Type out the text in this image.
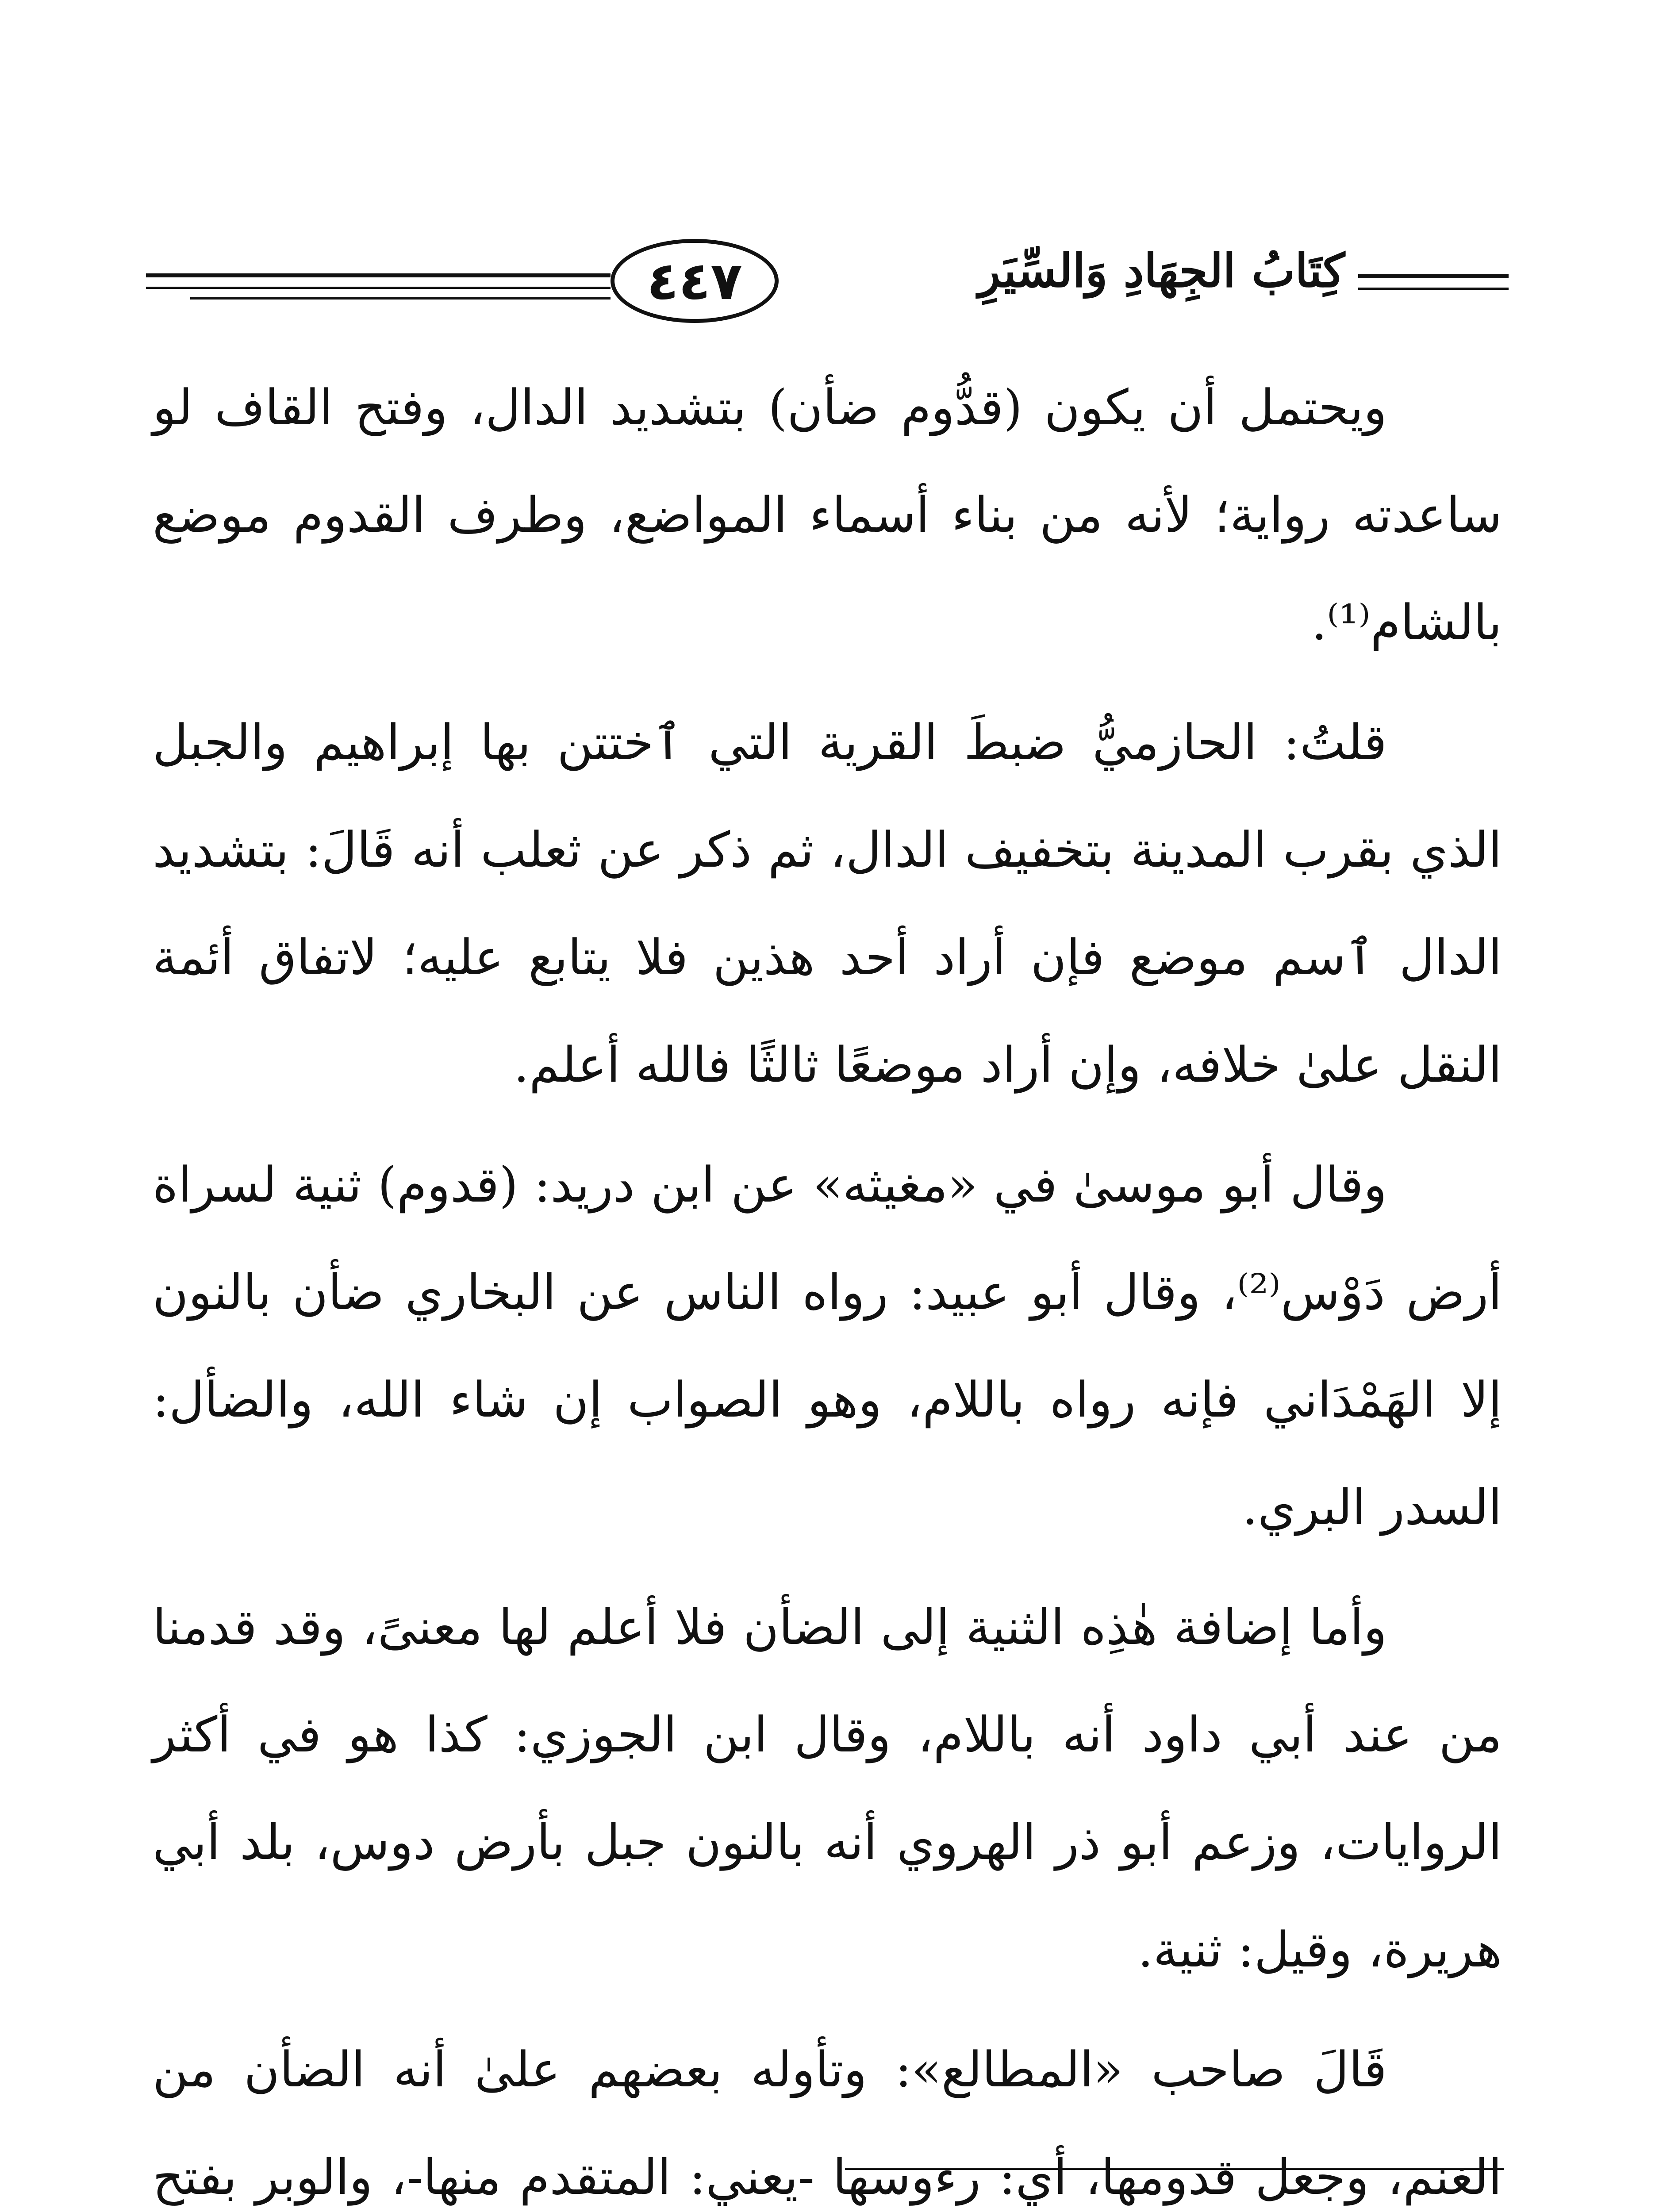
٤٤٧	كِتَابُ الجِهَادِ وَالسِّيَرِ

ويحتمل أن يكون (قدُّوم ضأن) بتشديد الدال، وفتح القاف لو ساعدته رواية؛ لأنه من بناء أسماء المواضع، وطرف القدوم موضع بالشام⁽¹⁾.

قلتُ: الحازميُّ ضبطَ القرية التي ٱختتن بها إبراهيم والجبل الذي بقرب المدينة بتخفيف الدال، ثم ذكر عن ثعلب أنه قَالَ: بتشديد الدال ٱسم موضع فإن أراد أحد هذين فلا يتابع عليه؛ لاتفاق أئمة النقل علىٰ خلافه، وإن أراد موضعًا ثالثًا فالله أعلم.

وقال أبو موسىٰ في «مغيثه» عن ابن دريد: (قدوم) ثنية لسراة أرض دَوْس⁽²⁾، وقال أبو عبيد: رواه الناس عن البخاري ضأن بالنون إلا الهَمْدَاني فإنه رواه باللام، وهو الصواب إن شاء الله، والضأل: السدر البري.

وأما إضافة هٰذِه الثنية إلى الضأن فلا أعلم لها معنىً، وقد قدمنا من عند أبي داود أنه باللام، وقال ابن الجوزي: كذا هو في أكثر الروايات، وزعم أبو ذر الهروي أنه بالنون جبل بأرض دوس، بلد أبي هريرة، وقيل: ثنية.

قَالَ صاحب «المطالع»: وتأوله بعضهم علىٰ أنه الضأن من الغنم، وجعل قدومها، أي: رءوسها -يعني: المتقدم منها-، والوبر بفتح
